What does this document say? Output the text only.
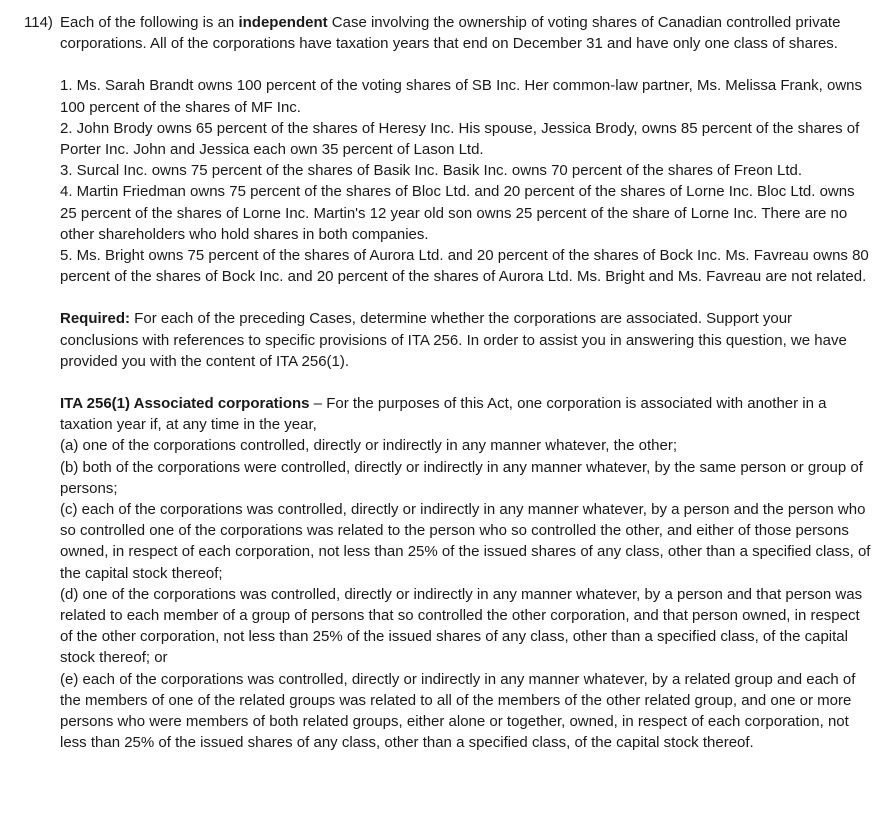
114) Each of the following is an independent Case involving the ownership of voting shares of Canadian controlled private corporations. All of the corporations have taxation years that end on December 31 and have only one class of shares.

1. Ms. Sarah Brandt owns 100 percent of the voting shares of SB Inc. Her common-law partner, Ms. Melissa Frank, owns 100 percent of the shares of MF Inc.

2. John Brody owns 65 percent of the shares of Heresy Inc. His spouse, Jessica Brody, owns 85 percent of the shares of Porter Inc. John and Jessica each own 35 percent of Lason Ltd.

3. Surcal Inc. owns 75 percent of the shares of Basik Inc. Basik Inc. owns 70 percent of the shares of Freon Ltd.

4. Martin Friedman owns 75 percent of the shares of Bloc Ltd. and 20 percent of the shares of Lorne Inc. Bloc Ltd. owns 25 percent of the shares of Lorne Inc. Martin's 12 year old son owns 25 percent of the share of Lorne Inc. There are no other shareholders who hold shares in both companies.

5. Ms. Bright owns 75 percent of the shares of Aurora Ltd. and 20 percent of the shares of Bock Inc. Ms. Favreau owns 80 percent of the shares of Bock Inc. and 20 percent of the shares of Aurora Ltd. Ms. Bright and Ms. Favreau are not related.

Required: For each of the preceding Cases, determine whether the corporations are associated. Support your conclusions with references to specific provisions of ITA 256. In order to assist you in answering this question, we have provided you with the content of ITA 256(1).

ITA 256(1) Associated corporations – For the purposes of this Act, one corporation is associated with another in a taxation year if, at any time in the year,

(a) one of the corporations controlled, directly or indirectly in any manner whatever, the other;

(b) both of the corporations were controlled, directly or indirectly in any manner whatever, by the same person or group of persons;

(c) each of the corporations was controlled, directly or indirectly in any manner whatever, by a person and the person who so controlled one of the corporations was related to the person who so controlled the other, and either of those persons owned, in respect of each corporation, not less than 25% of the issued shares of any class, other than a specified class, of the capital stock thereof;

(d) one of the corporations was controlled, directly or indirectly in any manner whatever, by a person and that person was related to each member of a group of persons that so controlled the other corporation, and that person owned, in respect of the other corporation, not less than 25% of the issued shares of any class, other than a specified class, of the capital stock thereof; or

(e) each of the corporations was controlled, directly or indirectly in any manner whatever, by a related group and each of the members of one of the related groups was related to all of the members of the other related group, and one or more persons who were members of both related groups, either alone or together, owned, in respect of each corporation, not less than 25% of the issued shares of any class, other than a specified class, of the capital stock thereof.
